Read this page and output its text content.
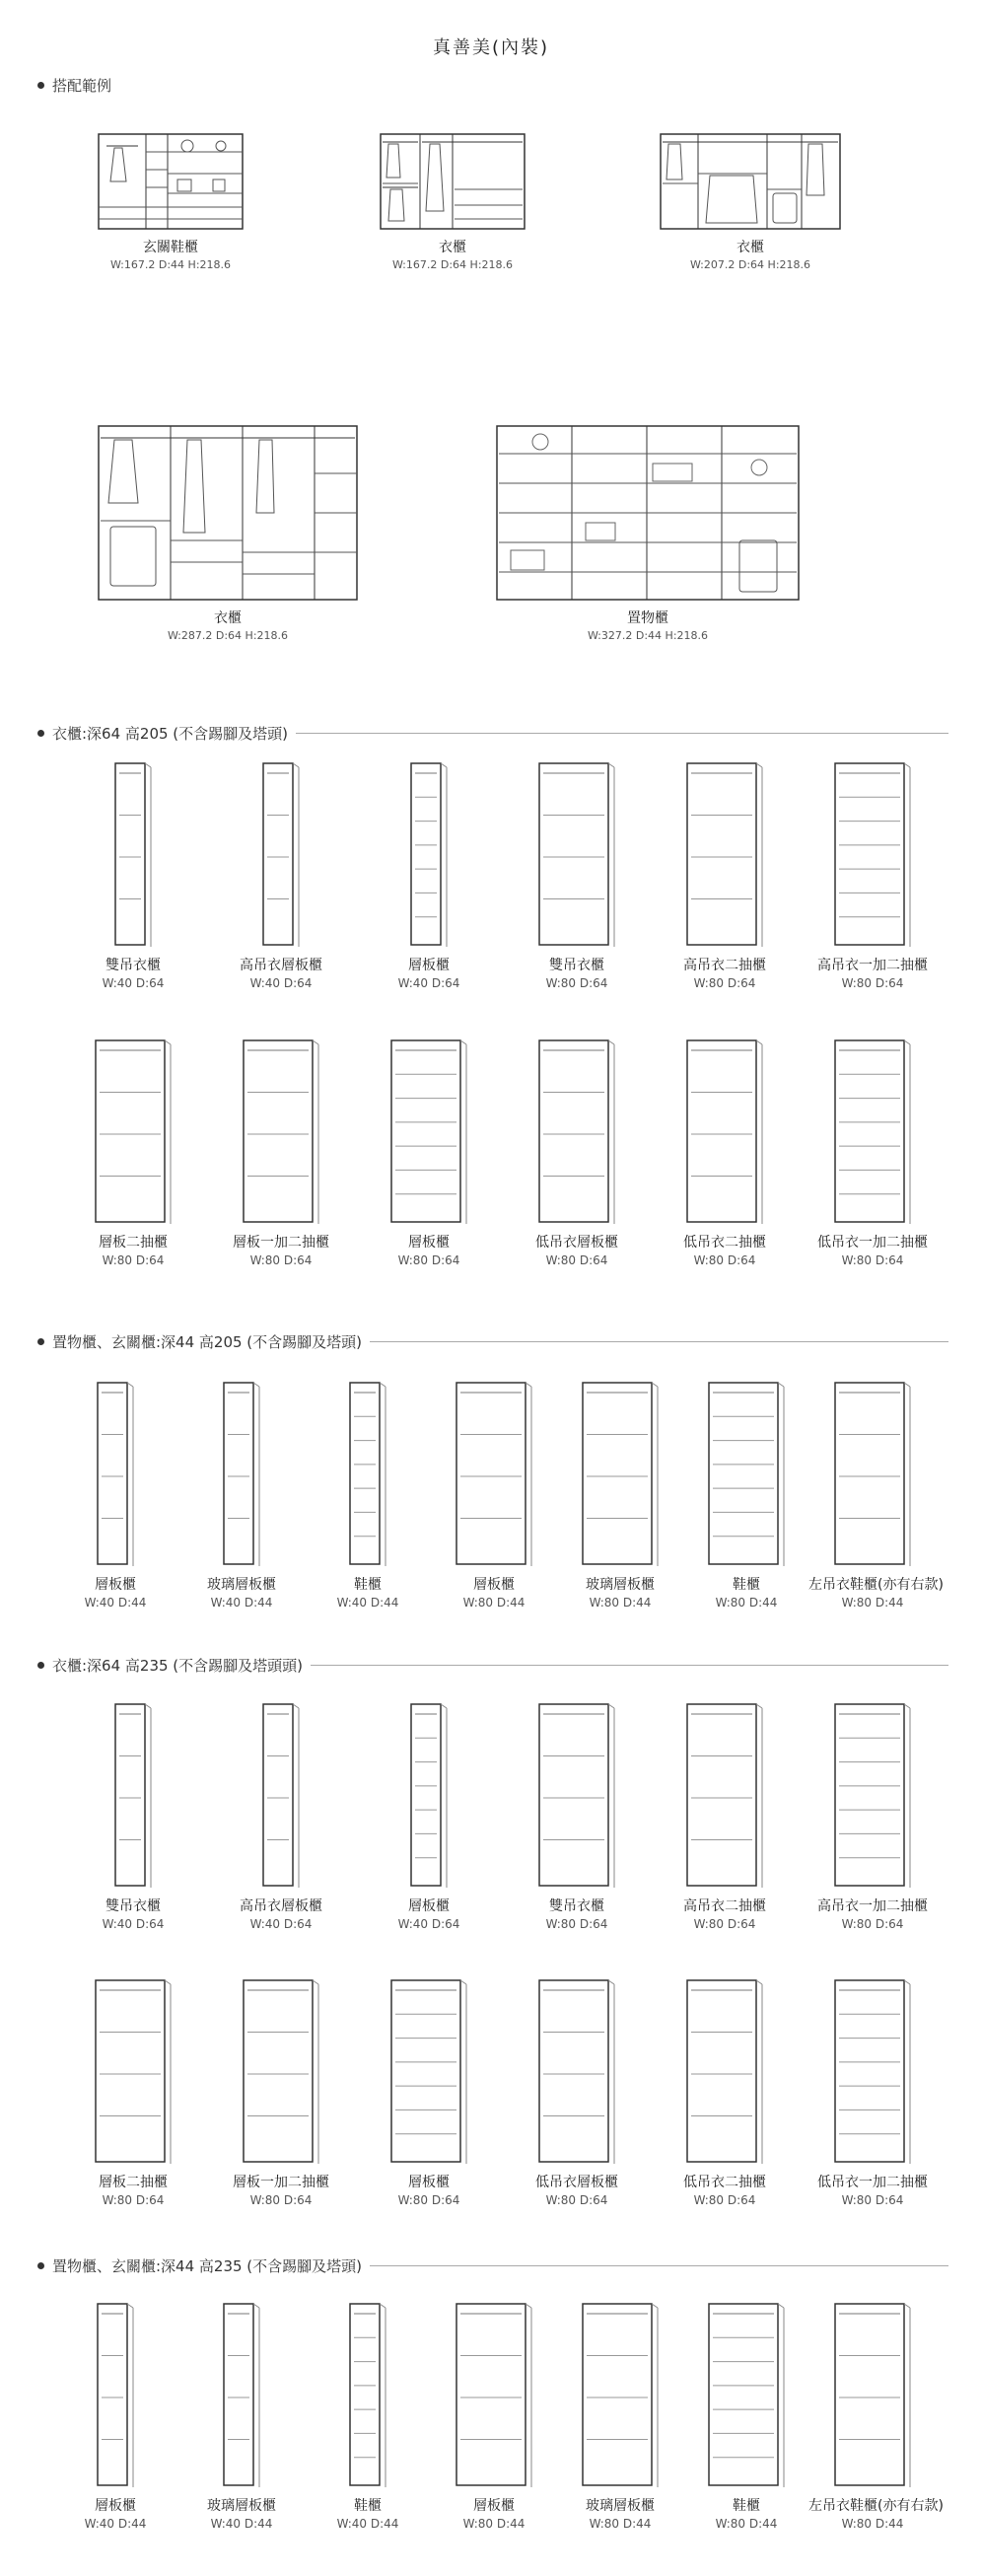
真善美(內裝)
搭配範例
玄關鞋櫃
W:167.2 D:44 H:218.6
衣櫃
W:167.2 D:64 H:218.6
衣櫃
W:207.2 D:64 H:218.6
衣櫃
W:287.2 D:64 H:218.6
置物櫃
W:327.2 D:44 H:218.6
衣櫃:深64 高205 (不含踢腳及塔頭)
雙吊衣櫃
W:40 D:64
高吊衣層板櫃
W:40 D:64
層板櫃
W:40 D:64
雙吊衣櫃
W:80 D:64
高吊衣二抽櫃
W:80 D:64
高吊衣一加二抽櫃
W:80 D:64
層板二抽櫃
W:80 D:64
層板一加二抽櫃
W:80 D:64
層板櫃
W:80 D:64
低吊衣層板櫃
W:80 D:64
低吊衣二抽櫃
W:80 D:64
低吊衣一加二抽櫃
W:80 D:64
置物櫃、玄關櫃:深44 高205 (不含踢腳及塔頭)
層板櫃
W:40 D:44
玻璃層板櫃
W:40 D:44
鞋櫃
W:40 D:44
層板櫃
W:80 D:44
玻璃層板櫃
W:80 D:44
鞋櫃
W:80 D:44
左吊衣鞋櫃(亦有右款)
W:80 D:44
衣櫃:深64 高235 (不含踢腳及塔頭頭)
雙吊衣櫃
W:40 D:64
高吊衣層板櫃
W:40 D:64
層板櫃
W:40 D:64
雙吊衣櫃
W:80 D:64
高吊衣二抽櫃
W:80 D:64
高吊衣一加二抽櫃
W:80 D:64
層板二抽櫃
W:80 D:64
層板一加二抽櫃
W:80 D:64
層板櫃
W:80 D:64
低吊衣層板櫃
W:80 D:64
低吊衣二抽櫃
W:80 D:64
低吊衣一加二抽櫃
W:80 D:64
置物櫃、玄關櫃:深44 高235 (不含踢腳及塔頭)
層板櫃
W:40 D:44
玻璃層板櫃
W:40 D:44
鞋櫃
W:40 D:44
層板櫃
W:80 D:44
玻璃層板櫃
W:80 D:44
鞋櫃
W:80 D:44
左吊衣鞋櫃(亦有右款)
W:80 D:44
